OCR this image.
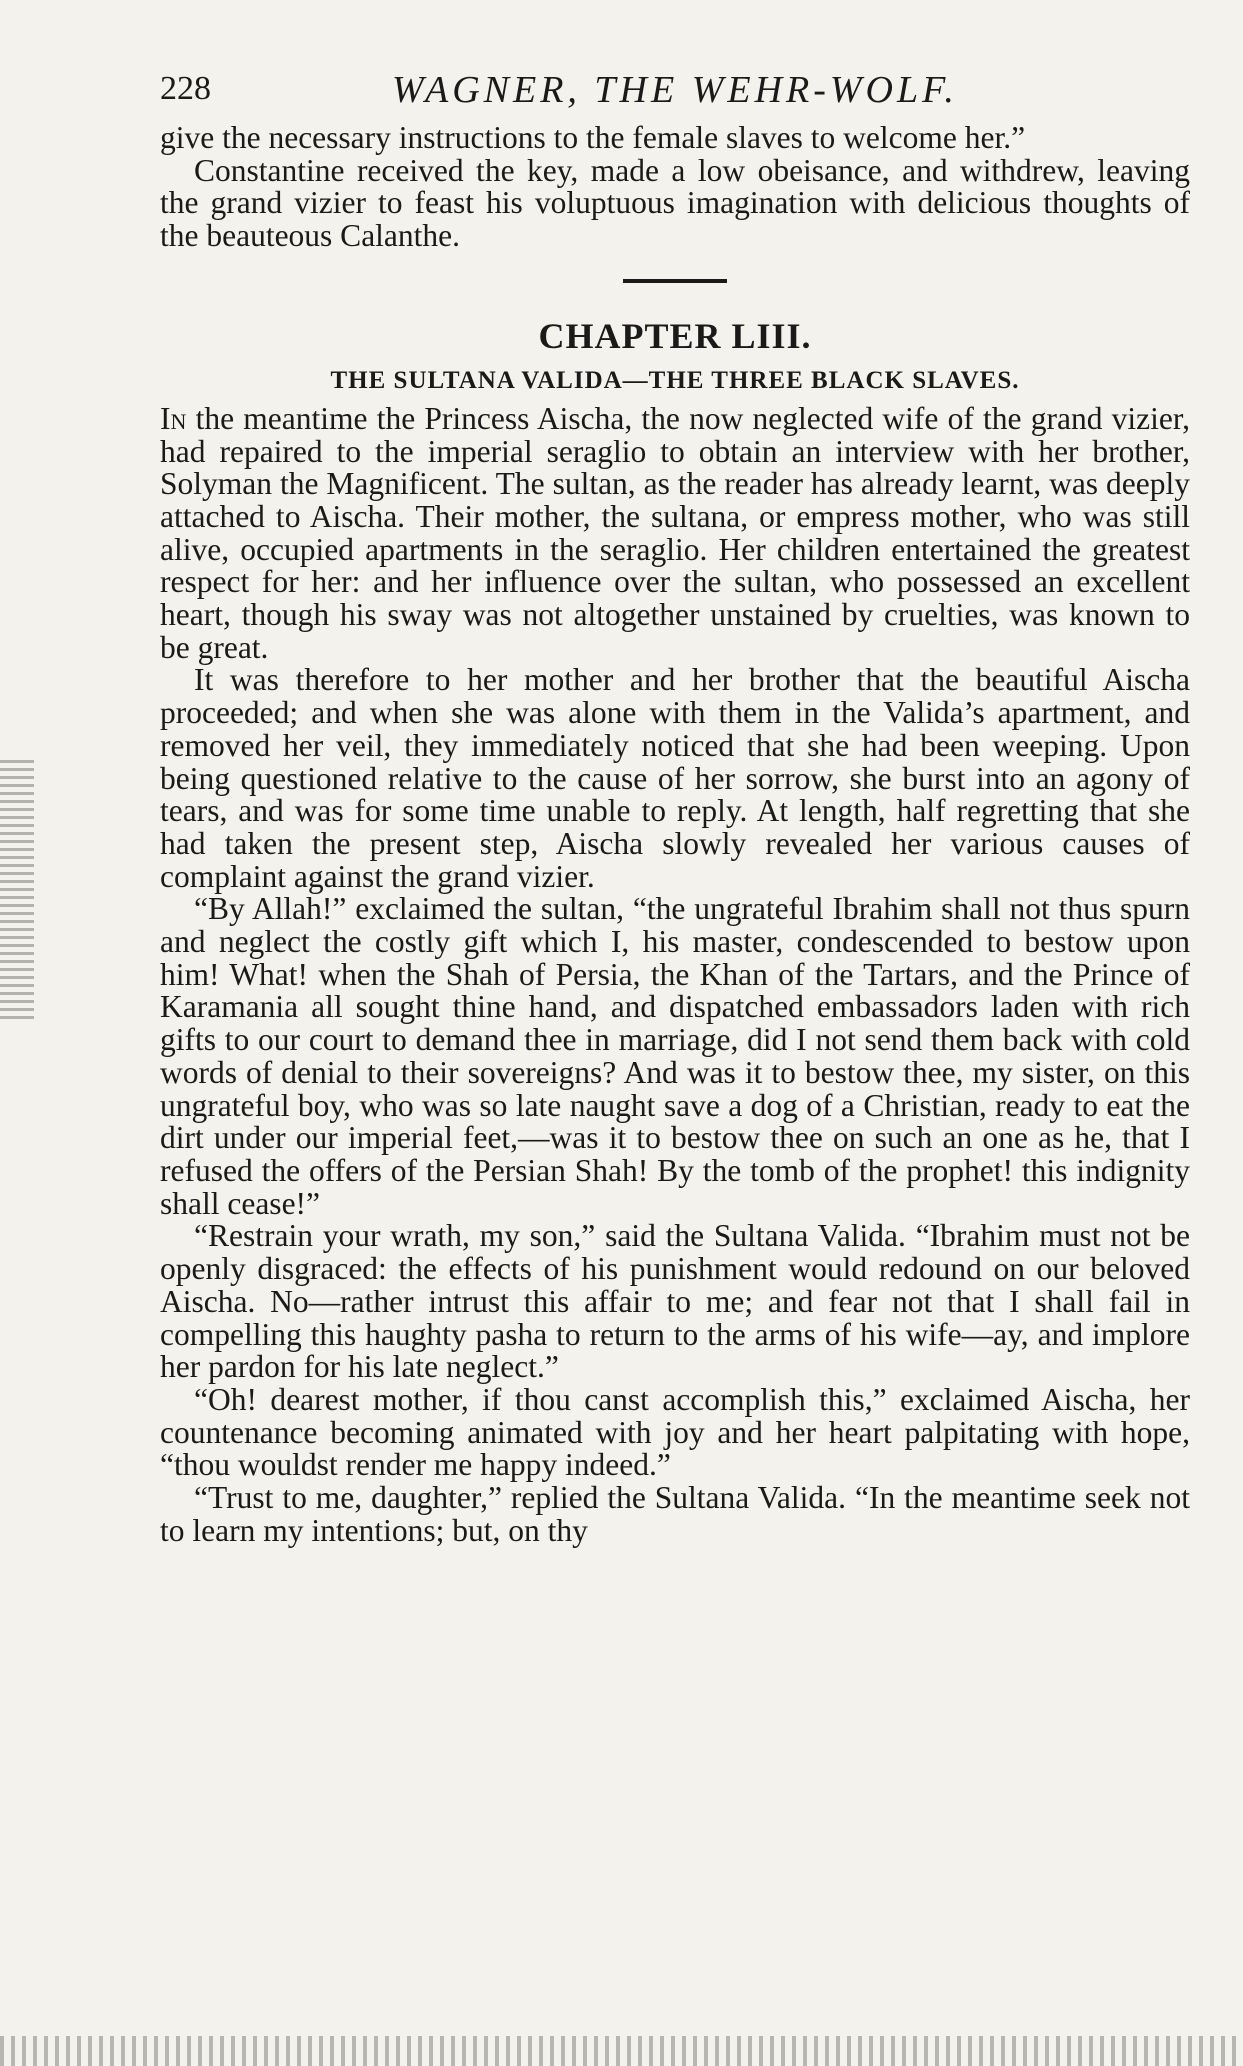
228	WAGNER, THE WEHR-WOLF.

give the necessary instructions to the female slaves to welcome her.”

Constantine received the key, made a low obeisance, and withdrew, leaving the grand vizier to feast his voluptuous imagination with delicious thoughts of the beauteous Calanthe.

CHAPTER LIII.
THE SULTANA VALIDA—THE THREE BLACK SLAVES.

In the meantime the Princess Aischa, the now neglected wife of the grand vizier, had repaired to the imperial seraglio to obtain an interview with her brother, Solyman the Magnificent. The sultan, as the reader has already learnt, was deeply attached to Aischa. Their mother, the sultana, or empress mother, who was still alive, occupied apartments in the seraglio. Her children entertained the greatest respect for her: and her influence over the sultan, who possessed an excellent heart, though his sway was not altogether unstained by cruelties, was known to be great.

It was therefore to her mother and her brother that the beautiful Aischa proceeded; and when she was alone with them in the Valida’s apartment, and removed her veil, they immediately noticed that she had been weeping. Upon being questioned relative to the cause of her sorrow, she burst into an agony of tears, and was for some time unable to reply. At length, half regretting that she had taken the present step, Aischa slowly revealed her various causes of complaint against the grand vizier.

“By Allah!” exclaimed the sultan, “the ungrateful Ibrahim shall not thus spurn and neglect the costly gift which I, his master, condescended to bestow upon him! What! when the Shah of Persia, the Khan of the Tartars, and the Prince of Karamania all sought thine hand, and dispatched embassadors laden with rich gifts to our court to demand thee in marriage, did I not send them back with cold words of denial to their sovereigns? And was it to bestow thee, my sister, on this ungrateful boy, who was so late naught save a dog of a Christian, ready to eat the dirt under our imperial feet,—was it to bestow thee on such an one as he, that I refused the offers of the Persian Shah! By the tomb of the prophet! this indignity shall cease!”

“Restrain your wrath, my son,” said the Sultana Valida. “Ibrahim must not be openly disgraced: the effects of his punishment would redound on our beloved Aischa. No—rather intrust this affair to me; and fear not that I shall fail in compelling this haughty pasha to return to the arms of his wife—ay, and implore her pardon for his late neglect.”

“Oh! dearest mother, if thou canst accomplish this,” exclaimed Aischa, her countenance becoming animated with joy and her heart palpitating with hope, “thou wouldst render me happy indeed.”

“Trust to me, daughter,” replied the Sultana Valida. “In the meantime seek not to learn my intentions; but, on thy
